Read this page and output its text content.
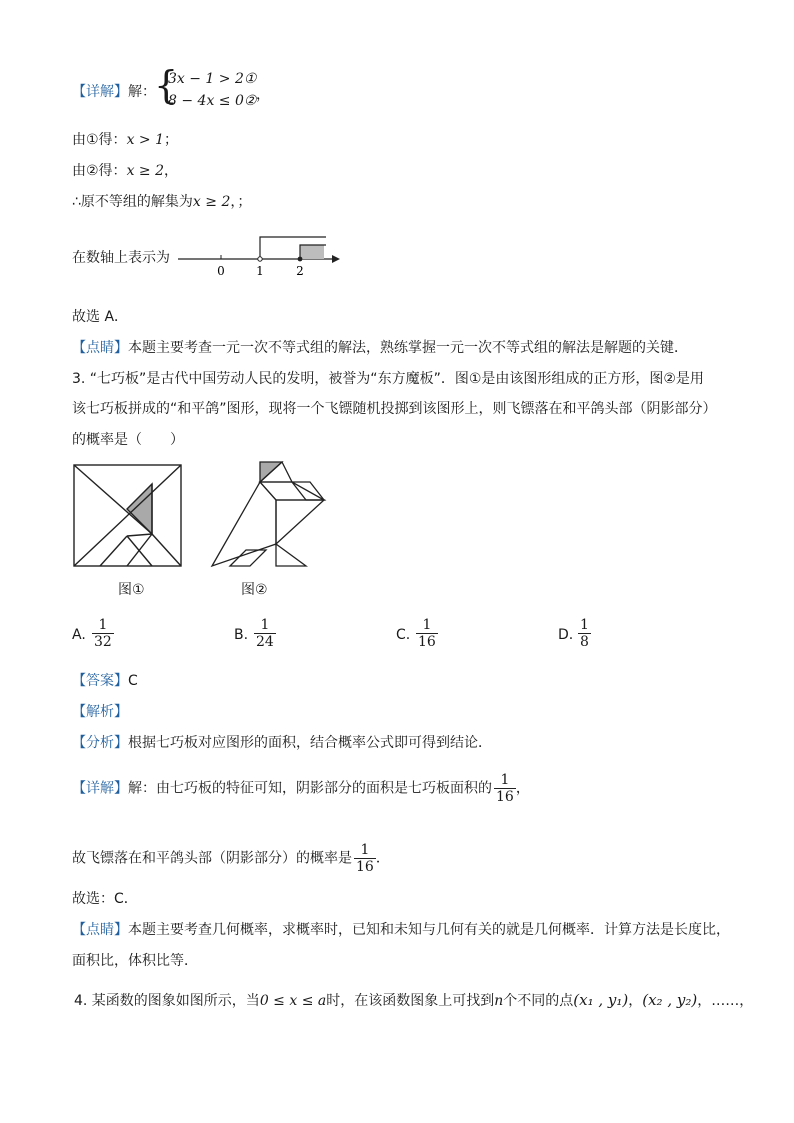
【详解】解：
{
3x − 1 > 2①
8 − 4x ≤ 0② ，
由①得：x > 1；
由②得：x ≥ 2，
∴原不等组的解集为x ≥ 2，；
在数轴上表示为
0	1	2
故选 A．
【点睛】本题主要考查一元一次不等式组的解法，熟练掌握一元一次不等式组的解法是解题的关键．
3. “七巧板”是古代中国劳动人民的发明，被誉为“东方魔板”．图①是由该图形组成的正方形，图②是用
该七巧板拼成的“和平鸽”图形，现将一个飞镖随机投掷到该图形上，则飞镖落在和平鸽头部（阴影部分）
的概率是（　　）
图①	图②
A. $\frac{1}{32}$	B. $\frac{1}{24}$	C. $\frac{1}{16}$	D. $\frac{1}{8}$
【答案】C
【解析】
【分析】根据七巧板对应图形的面积，结合概率公式即可得到结论．
【详解】解：由七巧板的特征可知，阴影部分的面积是七巧板面积的 $\frac{1}{16}$ ，
故飞镖落在和平鸽头部（阴影部分）的概率是 $\frac{1}{16}$ ．
故选：C．
【点睛】本题主要考查几何概率，求概率时，已知和未知与几何有关的就是几何概率．计算方法是长度比，
面积比，体积比等．
4. 某函数的图象如图所示，当0 ≤ x ≤ a时，在该函数图象上可找到n个不同的点(x₁ , y₁)，(x₂ , y₂)，……，
